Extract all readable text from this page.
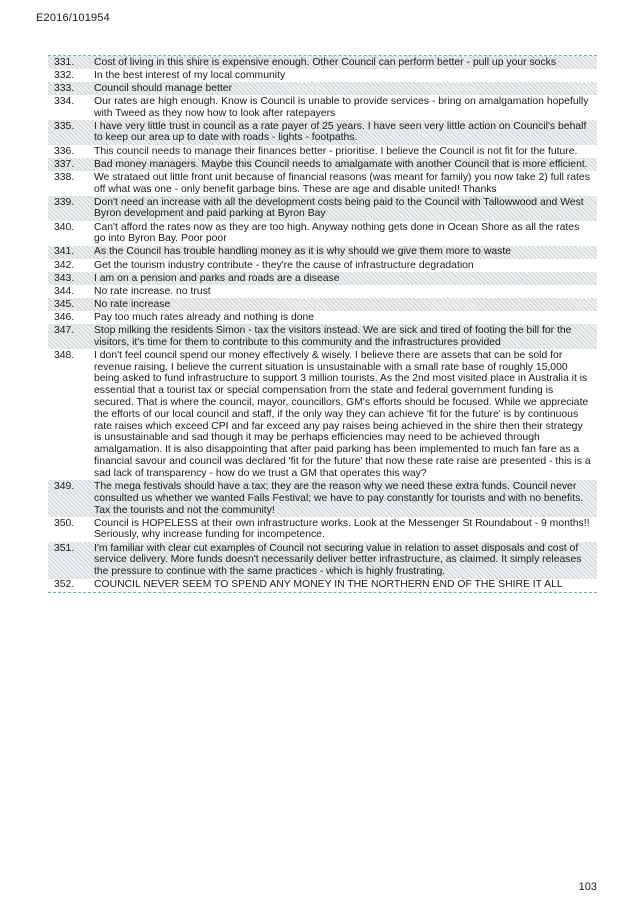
E2016/101954
331.	Cost of living in this shire is expensive enough. Other Council can perform better - pull up your socks
332.	In the best interest of my local community
333.	Council should manage better
334.	Our rates are high enough. Know is Council is unable to provide services - bring on amalgamation hopefully with Tweed as they now how to look after ratepayers
335.	I have very little trust in council as a rate payer of 25 years. I have seen very little action on Council's behalf to keep our area up to date with roads - lights - footpaths.
336.	This council needs to manage their finances better - prioritise. I believe the Council is not fit for the future.
337.	Bad money managers. Maybe this Council needs to amalgamate with another Council that is more efficient.
338.	We strataed out little front unit because of financial reasons (was meant for family) you now take 2) full rates off what was one - only benefit garbage bins. These are age and disable united! Thanks
339.	Don't need an increase with all the development costs being paid to the Council with Tallowwood and West Byron development and paid parking at Byron Bay
340.	Can't afford the rates now as they are too high. Anyway nothing gets done in Ocean Shore as all the rates go into Byron Bay. Poor poor
341.	As the Council has trouble handling money as it is why should we give them more to waste
342.	Get the tourism industry contribute - they're the cause of infrastructure degradation
343.	I am on a pension and parks and roads are a disease
344.	No rate increase. no trust
345.	No rate increase
346.	Pay too much rates already and nothing is done
347.	Stop milking the residents Simon - tax the visitors instead. We are sick and tired of footing the bill for the visitors, it's time for them to contribute to this community and the infrastructures provided
348.	I don't feel council spend our money effectively & wisely. I believe there are assets that can be sold for revenue raising. I believe the current situation is unsustainable with a small rate base of roughly 15,000 being asked to fund infrastructure to support 3 million tourists. As the 2nd most visited place in Australia it is essential that a tourist tax or special compensation from the state and federal government funding is secured. That is where the council, mayor, councillors, GM's efforts should be focused. While we appreciate the efforts of our local council and staff, if the only way they can achieve 'fit for the future' is by continuous rate raises which exceed CPI and far exceed any pay raises being achieved in the shire then their strategy is unsustainable and sad though it may be perhaps efficiencies may need to be achieved through amalgamation. It is also disappointing that after paid parking has been implemented to much fan fare as a financial savour and council was declared 'fit for the future' that now these rate raise are presented - this is a sad lack of transparency - how do we trust a GM that operates this way?
349.	The mega festivals should have a tax; they are the reason why we need these extra funds. Council never consulted us whether we wanted Falls Festival; we have to pay constantly for tourists and with no benefits. Tax the tourists and not the community!
350.	Council is HOPELESS at their own infrastructure works. Look at the Messenger St Roundabout - 9 months!! Seriously, why increase funding for incompetence.
351.	I'm familiar with clear cut examples of Council not securing value in relation to asset disposals and cost of service delivery. More funds doesn't necessarily deliver better infrastructure, as claimed. It simply releases the pressure to continue with the same practices - which is highly frustrating.
352.	COUNCIL NEVER SEEM TO SPEND ANY MONEY IN THE NORTHERN END OF THE SHIRE IT ALL
103
